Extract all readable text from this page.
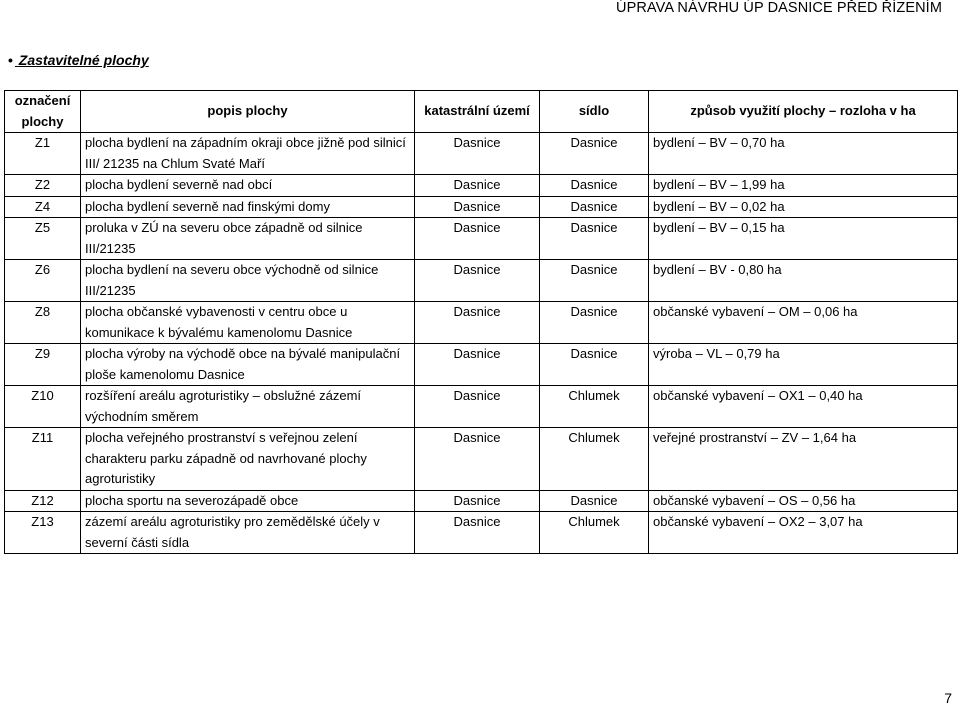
ÚPRAVA NÁVRHU ÚP DASNICE PŘED ŘÍZENÍM
• Zastavitelné plochy
označení plochy	popis plochy	katastrální území	sídlo	způsob využití plochy – rozloha v ha
Z1	plocha bydlení na západním okraji obce jižně pod silnicí III/ 21235 na Chlum Svaté Maří	Dasnice	Dasnice	bydlení – BV – 0,70 ha
Z2	plocha bydlení severně nad obcí	Dasnice	Dasnice	bydlení – BV – 1,99 ha
Z4	plocha bydlení severně nad finskými domy	Dasnice	Dasnice	bydlení – BV – 0,02 ha
Z5	proluka v ZÚ na severu obce západně od silnice III/21235	Dasnice	Dasnice	bydlení – BV – 0,15 ha
Z6	plocha bydlení na severu obce východně od silnice III/21235	Dasnice	Dasnice	bydlení – BV - 0,80 ha
Z8	plocha občanské vybavenosti v centru obce u komunikace k bývalému kamenolomu Dasnice	Dasnice	Dasnice	občanské vybavení – OM – 0,06 ha
Z9	plocha výroby na východě obce na bývalé manipulační ploše kamenolomu Dasnice	Dasnice	Dasnice	výroba – VL – 0,79 ha
Z10	rozšíření areálu agroturistiky – obslužné zázemí východním směrem	Dasnice	Chlumek	občanské vybavení – OX1 – 0,40 ha
Z11	plocha veřejného prostranství s veřejnou zelení charakteru parku západně od navrhované plochy agroturistiky	Dasnice	Chlumek	veřejné prostranství – ZV – 1,64 ha
Z12	plocha sportu na severozápadě obce	Dasnice	Dasnice	občanské vybavení – OS – 0,56 ha
Z13	zázemí areálu agroturistiky pro zemědělské účely v severní části sídla	Dasnice	Chlumek	občanské vybavení – OX2 – 3,07 ha
7
